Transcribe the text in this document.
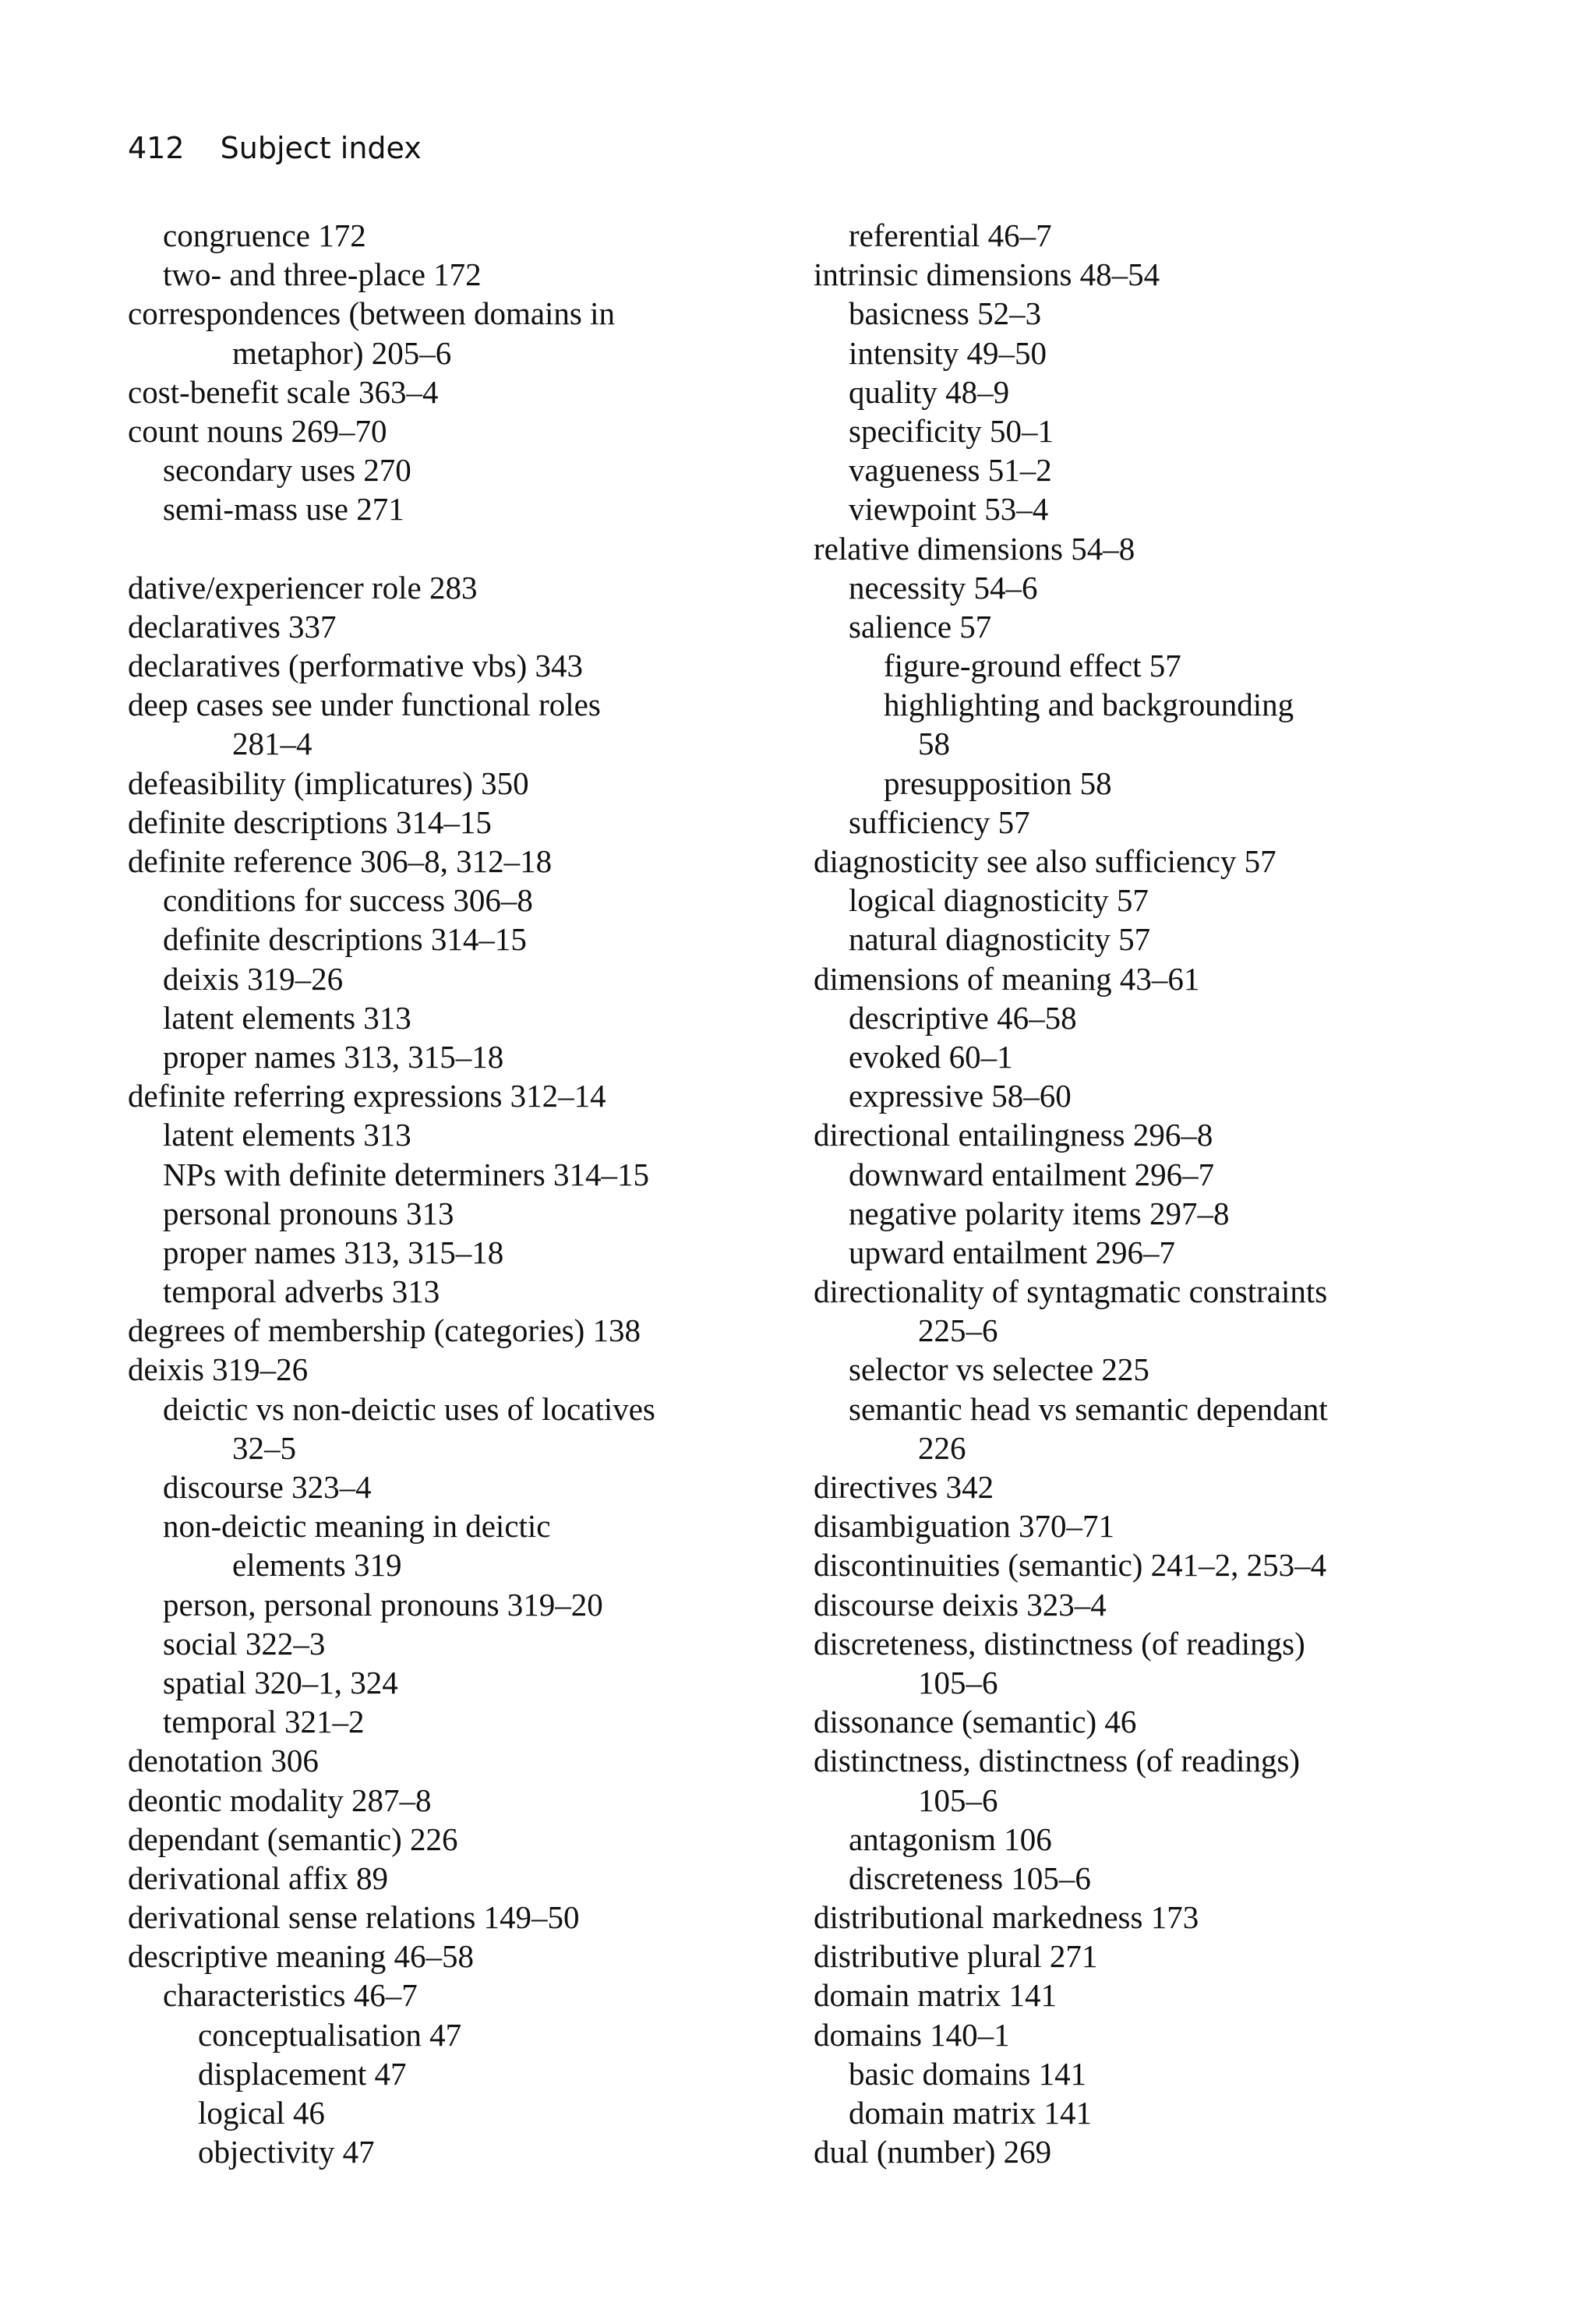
412 Subject index
congruence 172
two- and three-place 172
correspondences (between domains in
metaphor) 205–6
cost-benefit scale 363–4
count nouns 269–70
secondary uses 270
semi-mass use 271
dative/experiencer role 283
declaratives 337
declaratives (performative vbs) 343
deep cases see under functional roles
281–4
defeasibility (implicatures) 350
definite descriptions 314–15
definite reference 306–8, 312–18
conditions for success 306–8
definite descriptions 314–15
deixis 319–26
latent elements 313
proper names 313, 315–18
definite referring expressions 312–14
latent elements 313
NPs with definite determiners 314–15
personal pronouns 313
proper names 313, 315–18
temporal adverbs 313
degrees of membership (categories) 138
deixis 319–26
deictic vs non-deictic uses of locatives
32–5
discourse 323–4
non-deictic meaning in deictic
elements 319
person, personal pronouns 319–20
social 322–3
spatial 320–1, 324
temporal 321–2
denotation 306
deontic modality 287–8
dependant (semantic) 226
derivational affix 89
derivational sense relations 149–50
descriptive meaning 46–58
characteristics 46–7
conceptualisation 47
displacement 47
logical 46
objectivity 47
referential 46–7
intrinsic dimensions 48–54
basicness 52–3
intensity 49–50
quality 48–9
specificity 50–1
vagueness 51–2
viewpoint 53–4
relative dimensions 54–8
necessity 54–6
salience 57
figure-ground effect 57
highlighting and backgrounding
58
presupposition 58
sufficiency 57
diagnosticity see also sufficiency 57
logical diagnosticity 57
natural diagnosticity 57
dimensions of meaning 43–61
descriptive 46–58
evoked 60–1
expressive 58–60
directional entailingness 296–8
downward entailment 296–7
negative polarity items 297–8
upward entailment 296–7
directionality of syntagmatic constraints
225–6
selector vs selectee 225
semantic head vs semantic dependant
226
directives 342
disambiguation 370–71
discontinuities (semantic) 241–2, 253–4
discourse deixis 323–4
discreteness, distinctness (of readings)
105–6
dissonance (semantic) 46
distinctness, distinctness (of readings)
105–6
antagonism 106
discreteness 105–6
distributional markedness 173
distributive plural 271
domain matrix 141
domains 140–1
basic domains 141
domain matrix 141
dual (number) 269
